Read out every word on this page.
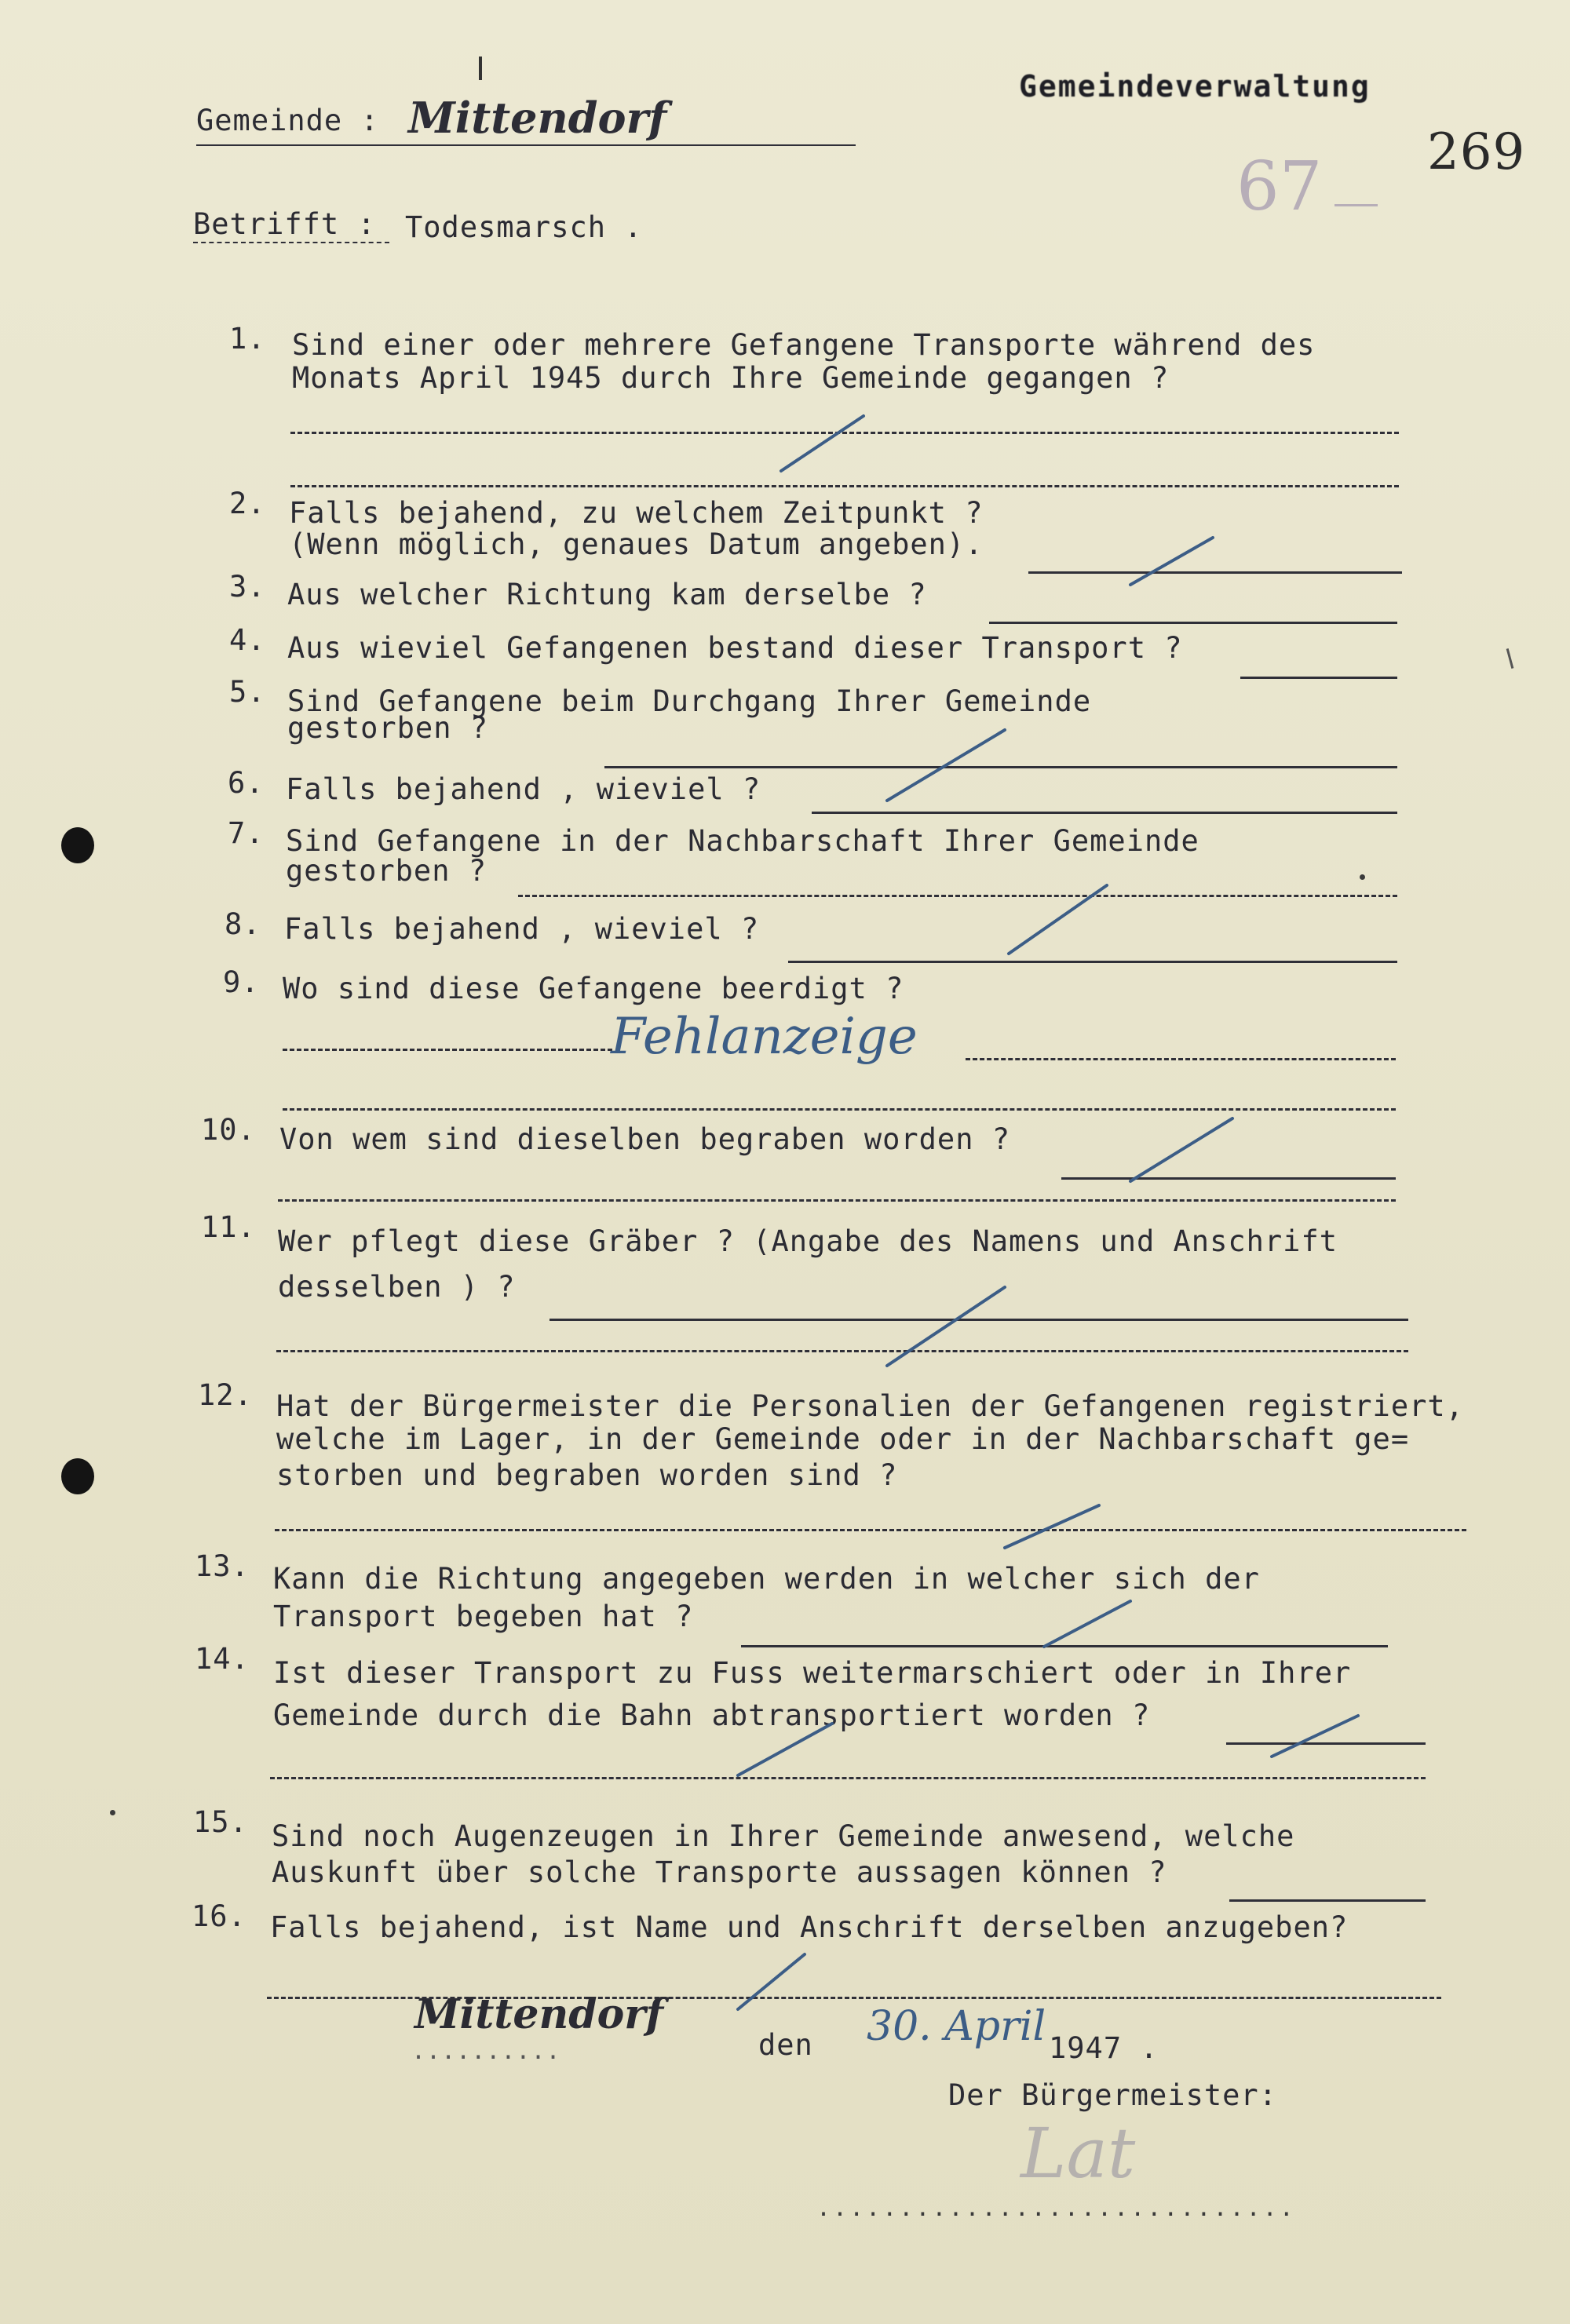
Gemeinde : Mittendorf
Gemeindeverwaltung
67 269
Betrifft : Todesmarsch .
1. Sind einer oder mehrere Gefangene Transporte während des
Monats April 1945 durch Ihre Gemeinde gegangen ?
2. Falls bejahend, zu welchem Zeitpunkt ?
(Wenn möglich, genaues Datum angeben).
3. Aus welcher Richtung kam derselbe ?
4. Aus wieviel Gefangenen bestand dieser Transport ?
5. Sind Gefangene beim Durchgang Ihrer Gemeinde
gestorben ?
6. Falls bejahend , wieviel ?
7. Sind Gefangene in der Nachbarschaft Ihrer Gemeinde
gestorben ?
8. Falls bejahend , wieviel ?
9. Wo sind diese Gefangene beerdigt ?
Fehlanzeige
10. Von wem sind dieselben begraben worden ?
11. Wer pflegt diese Gräber ? (Angabe des Namens und Anschrift
desselben ) ?
12. Hat der Bürgermeister die Personalien der Gefangenen registriert,
welche im Lager, in der Gemeinde oder in der Nachbarschaft ge=
storben und begraben worden sind ?
13. Kann die Richtung angegeben werden in welcher sich der
Transport begeben hat ?
14. Ist dieser Transport zu Fuss weitermarschiert oder in Ihrer
Gemeinde durch die Bahn abtransportiert worden ?
15. Sind noch Augenzeugen in Ihrer Gemeinde anwesend, welche
Auskunft über solche Transporte aussagen können ?
16. Falls bejahend, ist Name und Anschrift derselben anzugeben?
Mittendorf
..........	den 30. April 1947 .
Der Bürgermeister:
Lat
.............................
